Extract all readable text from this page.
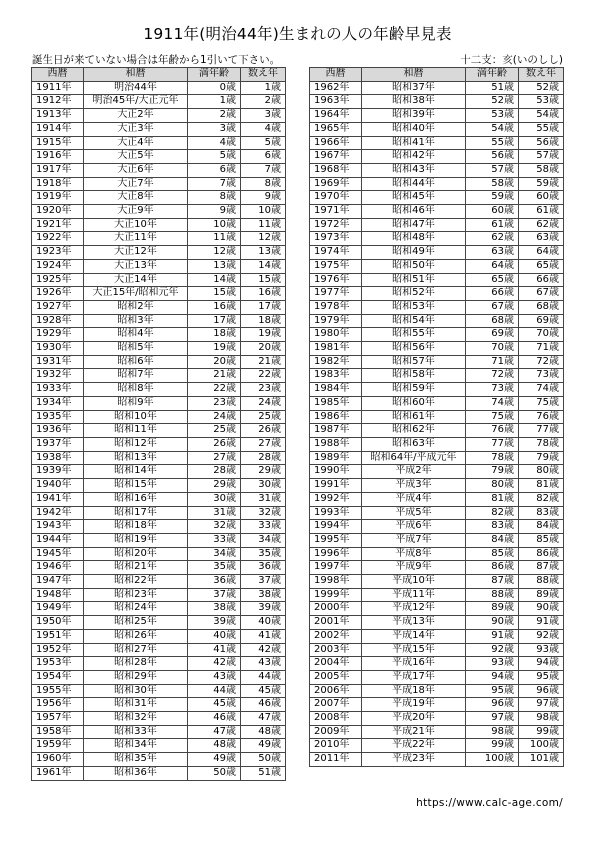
1911年(明治44年)生まれの人の年齢早見表
誕生日が来ていない場合は年齢から1引いて下さい。	十二支：亥(いのしし)
西暦	和暦	満年齢	数え年
1911年	明治44年	0歳	1歳
1912年	明治45年/大正元年	1歳	2歳
1913年	大正2年	2歳	3歳
1914年	大正3年	3歳	4歳
1915年	大正4年	4歳	5歳
1916年	大正5年	5歳	6歳
1917年	大正6年	6歳	7歳
1918年	大正7年	7歳	8歳
1919年	大正8年	8歳	9歳
1920年	大正9年	9歳	10歳
1921年	大正10年	10歳	11歳
1922年	大正11年	11歳	12歳
1923年	大正12年	12歳	13歳
1924年	大正13年	13歳	14歳
1925年	大正14年	14歳	15歳
1926年	大正15年/昭和元年	15歳	16歳
1927年	昭和2年	16歳	17歳
1928年	昭和3年	17歳	18歳
1929年	昭和4年	18歳	19歳
1930年	昭和5年	19歳	20歳
1931年	昭和6年	20歳	21歳
1932年	昭和7年	21歳	22歳
1933年	昭和8年	22歳	23歳
1934年	昭和9年	23歳	24歳
1935年	昭和10年	24歳	25歳
1936年	昭和11年	25歳	26歳
1937年	昭和12年	26歳	27歳
1938年	昭和13年	27歳	28歳
1939年	昭和14年	28歳	29歳
1940年	昭和15年	29歳	30歳
1941年	昭和16年	30歳	31歳
1942年	昭和17年	31歳	32歳
1943年	昭和18年	32歳	33歳
1944年	昭和19年	33歳	34歳
1945年	昭和20年	34歳	35歳
1946年	昭和21年	35歳	36歳
1947年	昭和22年	36歳	37歳
1948年	昭和23年	37歳	38歳
1949年	昭和24年	38歳	39歳
1950年	昭和25年	39歳	40歳
1951年	昭和26年	40歳	41歳
1952年	昭和27年	41歳	42歳
1953年	昭和28年	42歳	43歳
1954年	昭和29年	43歳	44歳
1955年	昭和30年	44歳	45歳
1956年	昭和31年	45歳	46歳
1957年	昭和32年	46歳	47歳
1958年	昭和33年	47歳	48歳
1959年	昭和34年	48歳	49歳
1960年	昭和35年	49歳	50歳
1961年	昭和36年	50歳	51歳
西暦	和暦	満年齢	数え年
1962年	昭和37年	51歳	52歳
1963年	昭和38年	52歳	53歳
1964年	昭和39年	53歳	54歳
1965年	昭和40年	54歳	55歳
1966年	昭和41年	55歳	56歳
1967年	昭和42年	56歳	57歳
1968年	昭和43年	57歳	58歳
1969年	昭和44年	58歳	59歳
1970年	昭和45年	59歳	60歳
1971年	昭和46年	60歳	61歳
1972年	昭和47年	61歳	62歳
1973年	昭和48年	62歳	63歳
1974年	昭和49年	63歳	64歳
1975年	昭和50年	64歳	65歳
1976年	昭和51年	65歳	66歳
1977年	昭和52年	66歳	67歳
1978年	昭和53年	67歳	68歳
1979年	昭和54年	68歳	69歳
1980年	昭和55年	69歳	70歳
1981年	昭和56年	70歳	71歳
1982年	昭和57年	71歳	72歳
1983年	昭和58年	72歳	73歳
1984年	昭和59年	73歳	74歳
1985年	昭和60年	74歳	75歳
1986年	昭和61年	75歳	76歳
1987年	昭和62年	76歳	77歳
1988年	昭和63年	77歳	78歳
1989年	昭和64年/平成元年	78歳	79歳
1990年	平成2年	79歳	80歳
1991年	平成3年	80歳	81歳
1992年	平成4年	81歳	82歳
1993年	平成5年	82歳	83歳
1994年	平成6年	83歳	84歳
1995年	平成7年	84歳	85歳
1996年	平成8年	85歳	86歳
1997年	平成9年	86歳	87歳
1998年	平成10年	87歳	88歳
1999年	平成11年	88歳	89歳
2000年	平成12年	89歳	90歳
2001年	平成13年	90歳	91歳
2002年	平成14年	91歳	92歳
2003年	平成15年	92歳	93歳
2004年	平成16年	93歳	94歳
2005年	平成17年	94歳	95歳
2006年	平成18年	95歳	96歳
2007年	平成19年	96歳	97歳
2008年	平成20年	97歳	98歳
2009年	平成21年	98歳	99歳
2010年	平成22年	99歳	100歳
2011年	平成23年	100歳	101歳
https://www.calc-age.com/
